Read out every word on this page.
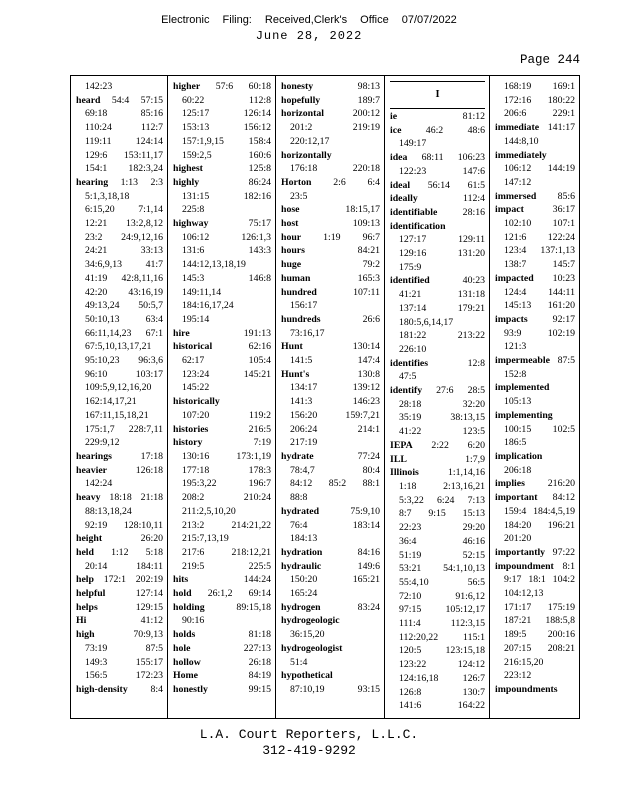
Electronic Filing: Received,Clerk's Office 07/07/2022
June 28, 2022
Page 244
142:23
heard 54:4 57:15
69:18 85:16
110:24 112:7
119:11 124:14
129:6 153:11,17
154:1 182:3,24
hearing 1:13 2:3
5:1,3,18,18
6:15,20 7:1,14
12:21 13:2,8,12
23:2 24:9,12,16
24:21 33:13
34:6,9,13 41:7
41:19 42:8,11,16
42:20 43:16,19
49:13,24 50:5,7
50:10,13 63:4
66:11,14,23 67:1
67:5,10,13,17,21
95:10,23 96:3,6
96:10 103:17
109:5,9,12,16,20
162:14,17,21
167:11,15,18,21
175:1,7 228:7,11
229:9,12
hearings 17:18
heavier 126:18
142:24
heavy 18:18 21:18
88:13,18,24
92:19 128:10,11
height 26:20
held 1:12 5:18
20:14 184:11
help 172:1 202:19
helpful 127:14
helps 129:15
Hi 41:12
high 70:9,13
73:19 87:5
149:3 155:17
156:5 172:23
high-density 8:4
higher 57:6 60:18
60:22 112:8
125:17 126:14
153:13 156:12
157:1,9,15 158:4
159:2,5 160:6
highest 125:8
highly 86:24
131:15 182:16
225:8
highway 75:17
106:12 126:1,3
131:6 143:3
144:12,13,18,19
145:3 146:8
149:11,14
184:16,17,24
195:14
hire 191:13
historical 62:16
62:17 105:4
123:24 145:21
145:22
historically
107:20 119:2
histories 216:5
history 7:19
130:16 173:1,19
177:18 178:3
195:3,22 196:7
208:2 210:24
211:2,5,10,20
213:2 214:21,22
215:7,13,19
217:6 218:12,21
219:5 225:5
hits 144:24
hold 26:1,2 69:14
holding 89:15,18
90:16
holds 81:18
hole 227:13
hollow 26:18
Home 84:19
honestly 99:15
honesty 98:13
hopefully 189:7
horizontal 200:12
201:2 219:19
220:12,17
horizontally
176:18 220:18
Horton 2:6 6:4
23:5
hose 18:15,17
host 109:13
hour 1:19 96:7
hours 84:21
huge 79:2
human 165:3
hundred 107:11
156:17
hundreds 26:6
73:16,17
Hunt 130:14
141:5 147:4
Hunt's 130:8
134:17 139:12
141:3 146:23
156:20 159:7,21
206:24 214:1
217:19
hydrate 77:24
78:4,7 80:4
84:12 85:2 88:1
88:8
hydrated 75:9,10
76:4 183:14
184:13
hydration 84:16
hydraulic 149:6
150:20 165:21
165:24
hydrogen 83:24
hydrogeologic
36:15,20
hydrogeologist
51:4
hypothetical
87:10,19 93:15
I
ie 81:12
ice 46:2 48:6
149:17
idea 68:11 106:23
122:23 147:6
ideal 56:14 61:5
ideally 112:4
identifiable 28:16
identification
127:17 129:11
129:16 131:20
175:9
identified 40:23
41:21 131:18
137:14 179:21
180:5,6,14,17
181:22 213:22
226:10
identifies 12:8
47:5
identify 27:6 28:5
28:18 32:20
35:19 38:13,15
41:22 123:5
IEPA 2:22 6:20
ILL 1:7,9
Illinois 1:1,14,16
1:18 2:13,16,21
5:3,22 6:24 7:13
8:7 9:15 15:13
22:23 29:20
36:4 46:16
51:19 52:15
53:21 54:1,10,13
55:4,10 56:5
72:10 91:6,12
97:15 105:12,17
111:4 112:3,15
112:20,22 115:1
120:5 123:15,18
123:22 124:12
124:16,18 126:7
126:8 130:7
141:6 164:22
168:19 169:1
172:16 180:22
206:6 229:1
immediate 141:17
144:8,10
immediately
106:12 144:19
147:12
immersed 85:6
impact 36:17
102:10 107:1
121:6 122:24
123:4 137:1,13
138:7 145:7
impacted 10:23
124:4 144:11
145:13 161:20
impacts 92:17
93:9 102:19
121:3
impermeable 87:5
152:8
implemented
105:13
implementing
100:15 102:5
186:5
implication
206:18
implies 216:20
important 84:12
159:4 184:4,5,19
184:20 196:21
201:20
importantly 97:22
impoundment 8:1
9:17 18:1 104:2
104:12,13
171:17 175:19
187:21 188:5,8
189:5 200:16
207:15 208:21
216:15,20
223:12
impoundments
L.A. Court Reporters, L.L.C.
312-419-9292
